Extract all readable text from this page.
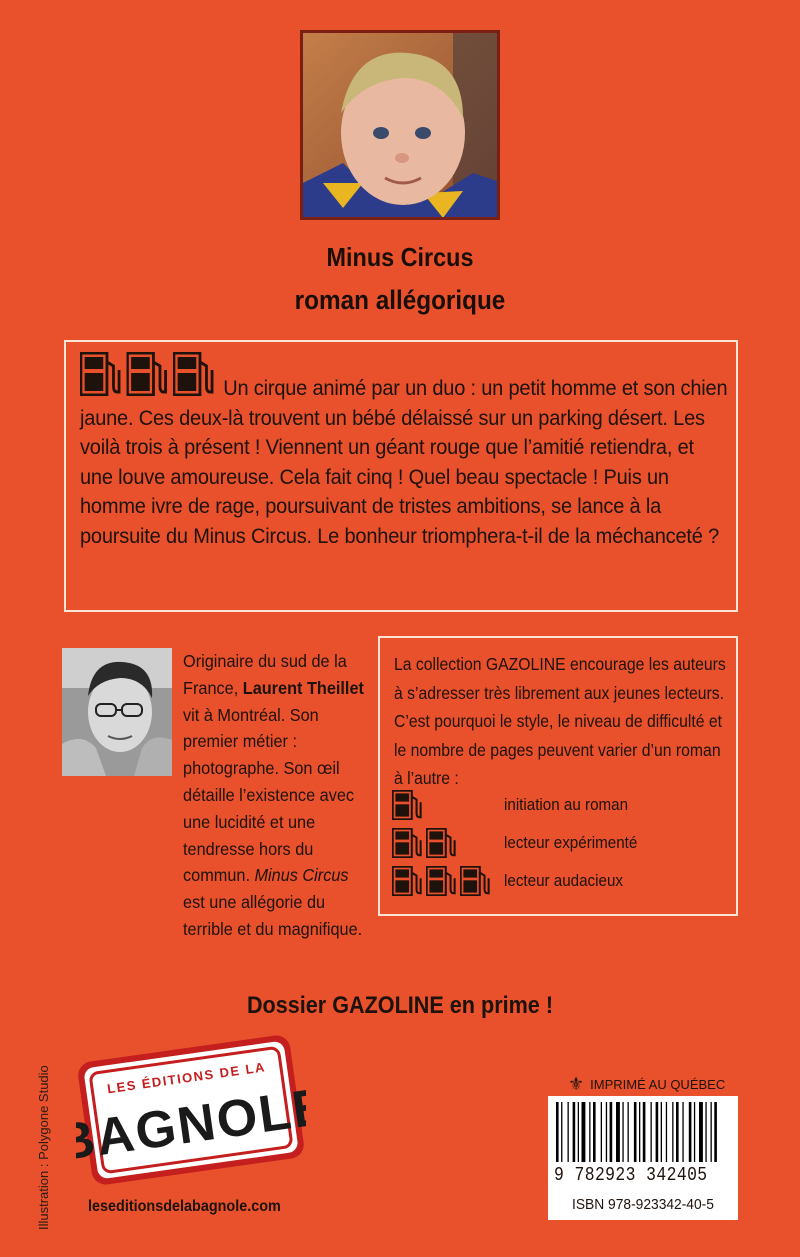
Minus Circus
roman allégorique
Un cirque animé par un duo : un petit homme et son chien jaune. Ces deux-là trouvent un bébé délaissé sur un parking désert. Les voilà trois à présent ! Viennent un géant rouge que l’amitié retiendra, et une louve amoureuse. Cela fait cinq ! Quel beau spectacle ! Puis un homme ivre de rage, poursuivant de tristes ambitions, se lance à la poursuite du Minus Circus. Le bonheur triomphera-t-il de la méchanceté ?
Originaire du sud de la France, Laurent Theillet vit à Montréal. Son premier métier : photographe. Son œil détaille l’existence avec une lucidité et une tendresse hors du commun. Minus Circus est une allégorie du terrible et du magnifique.
La collection GAZOLINE encourage les auteurs à s’adresser très librement aux jeunes lecteurs. C’est pourquoi le style, le niveau de difficulté et le nombre de pages peuvent varier d’un roman à l’autre :
initiation au roman
lecteur expérimenté
lecteur audacieux
Dossier GAZOLINE en prime !
Illustration : Polygone Studio	LES ÉDITIONS DE LA
BAGNOLE
leseditionsdelabagnole.com
⚜ IMPRIMÉ AU QUÉBEC
9 782923 342405
ISBN 978-923342-40-5
